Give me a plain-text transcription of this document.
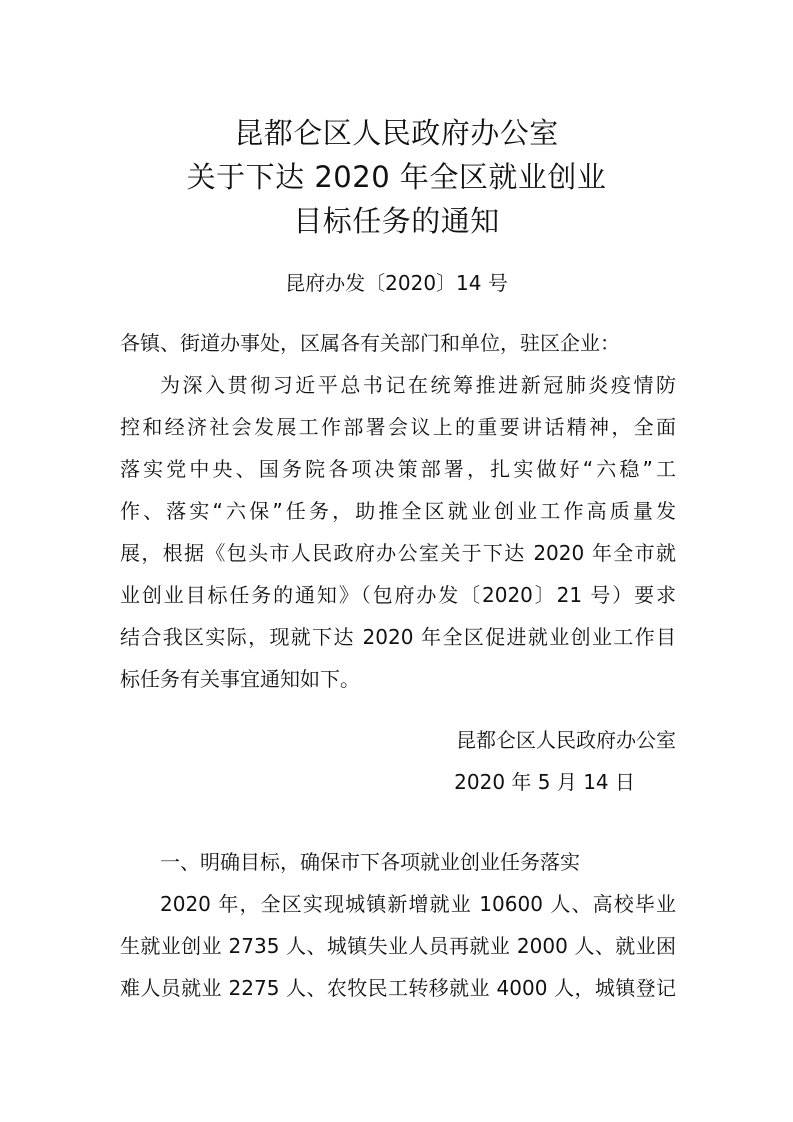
昆都仑区人民政府办公室
关于下达 2020 年全区就业创业
目标任务的通知
昆府办发〔2020〕14 号
各镇、街道办事处，区属各有关部门和单位，驻区企业：
为深入贯彻习近平总书记在统筹推进新冠肺炎疫情防
控和经济社会发展工作部署会议上的重要讲话精神，全面
落实党中央、国务院各项决策部署，扎实做好“六稳”工
作、落实“六保”任务，助推全区就业创业工作高质量发
展，根据《包头市人民政府办公室关于下达 2020 年全市就
业创业目标任务的通知》（包府办发〔2020〕21 号）要求
结合我区实际，现就下达 2020 年全区促进就业创业工作目
标任务有关事宜通知如下。
昆都仑区人民政府办公室
2020 年 5 月 14 日
一、明确目标，确保市下各项就业创业任务落实
2020 年，全区实现城镇新增就业 10600 人、高校毕业
生就业创业 2735 人、城镇失业人员再就业 2000 人、就业困
难人员就业 2275 人、农牧民工转移就业 4000 人，城镇登记
